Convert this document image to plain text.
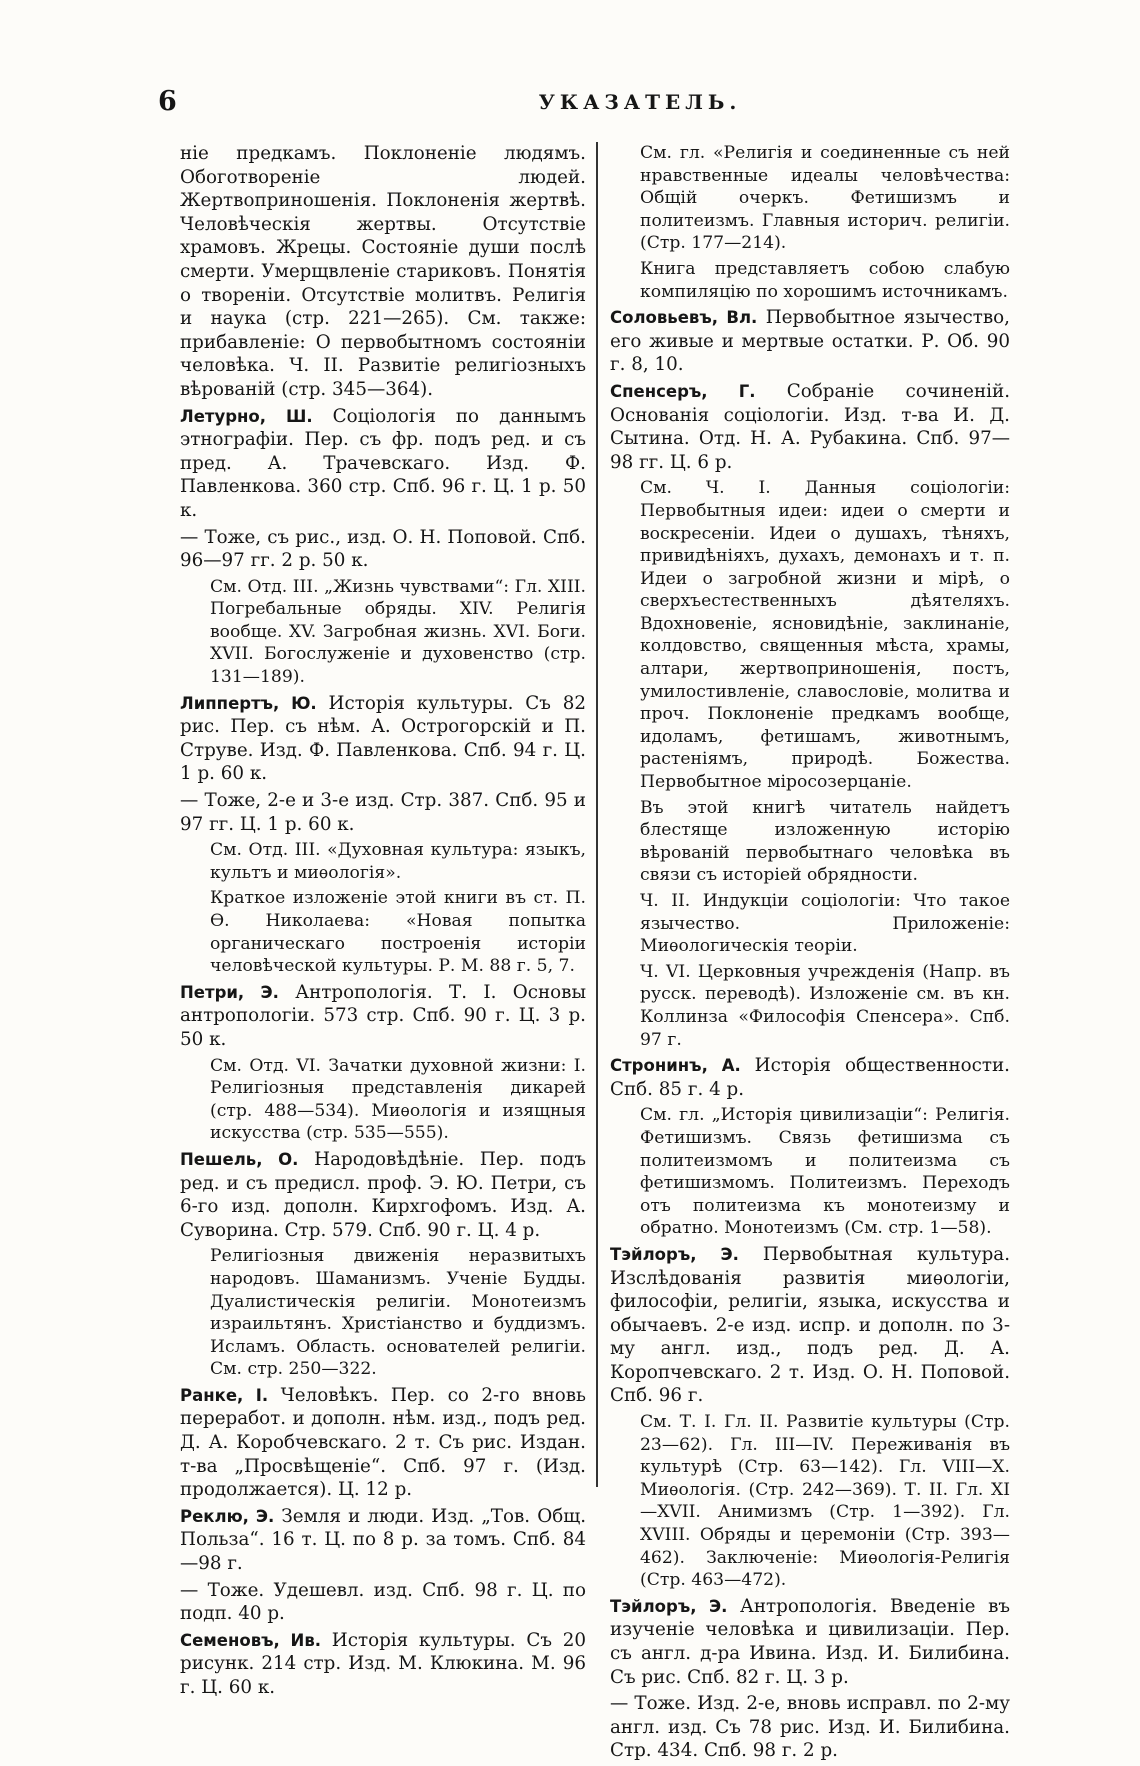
6	УКАЗАТЕЛЬ.

ніе предкамъ. Поклоненіе людямъ. Обоготвореніе людей. Жертвоприношенія. Поклоненія жертвѣ. Человѣческія жертвы. Отсутствіе храмовъ. Жрецы. Состояніе души послѣ смерти. Умерщвленіе стариковъ. Понятія о твореніи. Отсутствіе молитвъ. Религія и наука (стр. 221—265). См. также: прибавленіе: О первобытномъ состояніи человѣка. Ч. II. Развитіе религіозныхъ вѣрованій (стр. 345—364).

Летурно, Ш. Соціологія по даннымъ этнографіи. Пер. съ фр. подъ ред. и съ пред. А. Трачевскаго. Изд. Ф. Павленкова. 360 стр. Спб. 96 г. Ц. 1 р. 50 к.

— Тоже, съ рис., изд. О. Н. Поповой. Спб. 96—97 гг. 2 р. 50 к.

См. Отд. III. „Жизнь чувствами“: Гл. XIII. Погребальные обряды. XIV. Религія вообще. XV. Загробная жизнь. XVI. Боги. XVII. Богослуженіе и духовенство (стр. 131—189).

Липпертъ, Ю. Исторія культуры. Съ 82 рис. Пер. съ нѣм. А. Острогорскій и П. Струве. Изд. Ф. Павленкова. Спб. 94 г. Ц. 1 р. 60 к.

— Тоже, 2-е и 3-е изд. Стр. 387. Спб. 95 и 97 гг. Ц. 1 р. 60 к.

См. Отд. III. «Духовная культура: языкъ, культъ и миѳологія».

Краткое изложеніе этой книги въ ст. П. Ѳ. Николаева: «Новая попытка органическаго построенія исторіи человѣческой культуры. Р. М. 88 г. 5, 7.

Петри, Э. Антропологія. Т. I. Основы антропологіи. 573 стр. Спб. 90 г. Ц. 3 р. 50 к.

См. Отд. VI. Зачатки духовной жизни: I. Религіозныя представленія дикарей (стр. 488—534). Миѳологія и изящныя искусства (стр. 535—555).

Пешель, О. Народовѣдѣніе. Пер. подъ ред. и съ предисл. проф. Э. Ю. Петри, съ 6-го изд. дополн. Кирхгофомъ. Изд. А. Суворина. Стр. 579. Спб. 90 г. Ц. 4 р.

Религіозныя движенія неразвитыхъ народовъ. Шаманизмъ. Ученіе Будды. Дуалистическія религіи. Монотеизмъ израильтянъ. Христіанство и буддизмъ. Исламъ. Область. основателей религіи. См. стр. 250—322.

Ранке, І. Человѣкъ. Пер. со 2-го вновь переработ. и дополн. нѣм. изд., подъ ред. Д. А. Коробчевскаго. 2 т. Съ рис. Издан. т-ва „Просвѣщеніе“. Спб. 97 г. (Изд. продолжается). Ц. 12 р.

Реклю, Э. Земля и люди. Изд. „Тов. Общ. Польза“. 16 т. Ц. по 8 р. за томъ. Спб. 84—98 г.

— Тоже. Удешевл. изд. Спб. 98 г. Ц. по подп. 40 р.

Семеновъ, Ив. Исторія культуры. Съ 20 рисунк. 214 стр. Изд. М. Клюкина. М. 96 г. Ц. 60 к.

См. гл. «Религія и соединенные съ ней нравственные идеалы человѣчества: Общій очеркъ. Фетишизмъ и политеизмъ. Главныя историч. религіи. (Стр. 177—214).

Книга представляетъ собою слабую компиляцію по хорошимъ источникамъ.

Соловьевъ, Вл. Первобытное язычество, его живые и мертвые остатки. Р. Об. 90 г. 8, 10.

Спенсеръ, Г. Собраніе сочиненій. Основанія соціологіи. Изд. т-ва И. Д. Сытина. Отд. Н. А. Рубакина. Спб. 97—98 гг. Ц. 6 р.

См. Ч. I. Данныя соціологіи: Первобытныя идеи: идеи о смерти и воскресеніи. Идеи о душахъ, тѣняхъ, привидѣніяхъ, духахъ, демонахъ и т. п. Идеи о загробной жизни и мірѣ, о сверхъестественныхъ дѣятеляхъ. Вдохновеніе, ясновидѣніе, заклинаніе, колдовство, священныя мѣста, храмы, алтари, жертвоприношенія, постъ, умилостивленіе, славословіе, молитва и проч. Поклоненіе предкамъ вообще, идоламъ, фетишамъ, животнымъ, растеніямъ, природѣ. Божества. Первобытное міросозерцаніе.

Въ этой книгѣ читатель найдетъ блестяще изложенную исторію вѣрованій первобытнаго человѣка въ связи съ исторіей обрядности.

Ч. II. Индукціи соціологіи: Что такое язычество. Приложеніе: Миѳологическія теоріи.

Ч. VI. Церковныя учрежденія (Напр. въ русск. переводѣ). Изложеніе см. въ кн. Коллинза «Философія Спенсера». Спб. 97 г.

Стронинъ, А. Исторія общественности. Спб. 85 г. 4 р.

См. гл. „Исторія цивилизаціи“: Религія. Фетишизмъ. Связь фетишизма съ политеизмомъ и политеизма съ фетишизмомъ. Политеизмъ. Переходъ отъ политеизма къ монотеизму и обратно. Монотеизмъ (См. стр. 1—58).

Тэйлоръ, Э. Первобытная культура. Изслѣдованія развитія миѳологіи, философіи, религіи, языка, искусства и обычаевъ. 2-е изд. испр. и дополн. по 3-му англ. изд., подъ ред. Д. А. Коропчевскаго. 2 т. Изд. О. Н. Поповой. Спб. 96 г.

См. Т. I. Гл. II. Развитіе культуры (Стр. 23—62). Гл. III—IV. Переживанія въ культурѣ (Стр. 63—142). Гл. VIII—X. Миѳологія. (Стр. 242—369). Т. II. Гл. XI—XVII. Анимизмъ (Стр. 1—392). Гл. XVIII. Обряды и церемоніи (Стр. 393—462). Заключеніе: Миѳологія-Религія (Стр. 463—472).

Тэйлоръ, Э. Антропологія. Введеніе въ изученіе человѣка и цивилизаціи. Пер. съ англ. д-ра Ивина. Изд. И. Билибина. Съ рис. Спб. 82 г. Ц. 3 р.

— Тоже. Изд. 2-е, вновь исправл. по 2-му англ. изд. Съ 78 рис. Изд. И. Билибина. Стр. 434. Спб. 98 г. 2 р.
